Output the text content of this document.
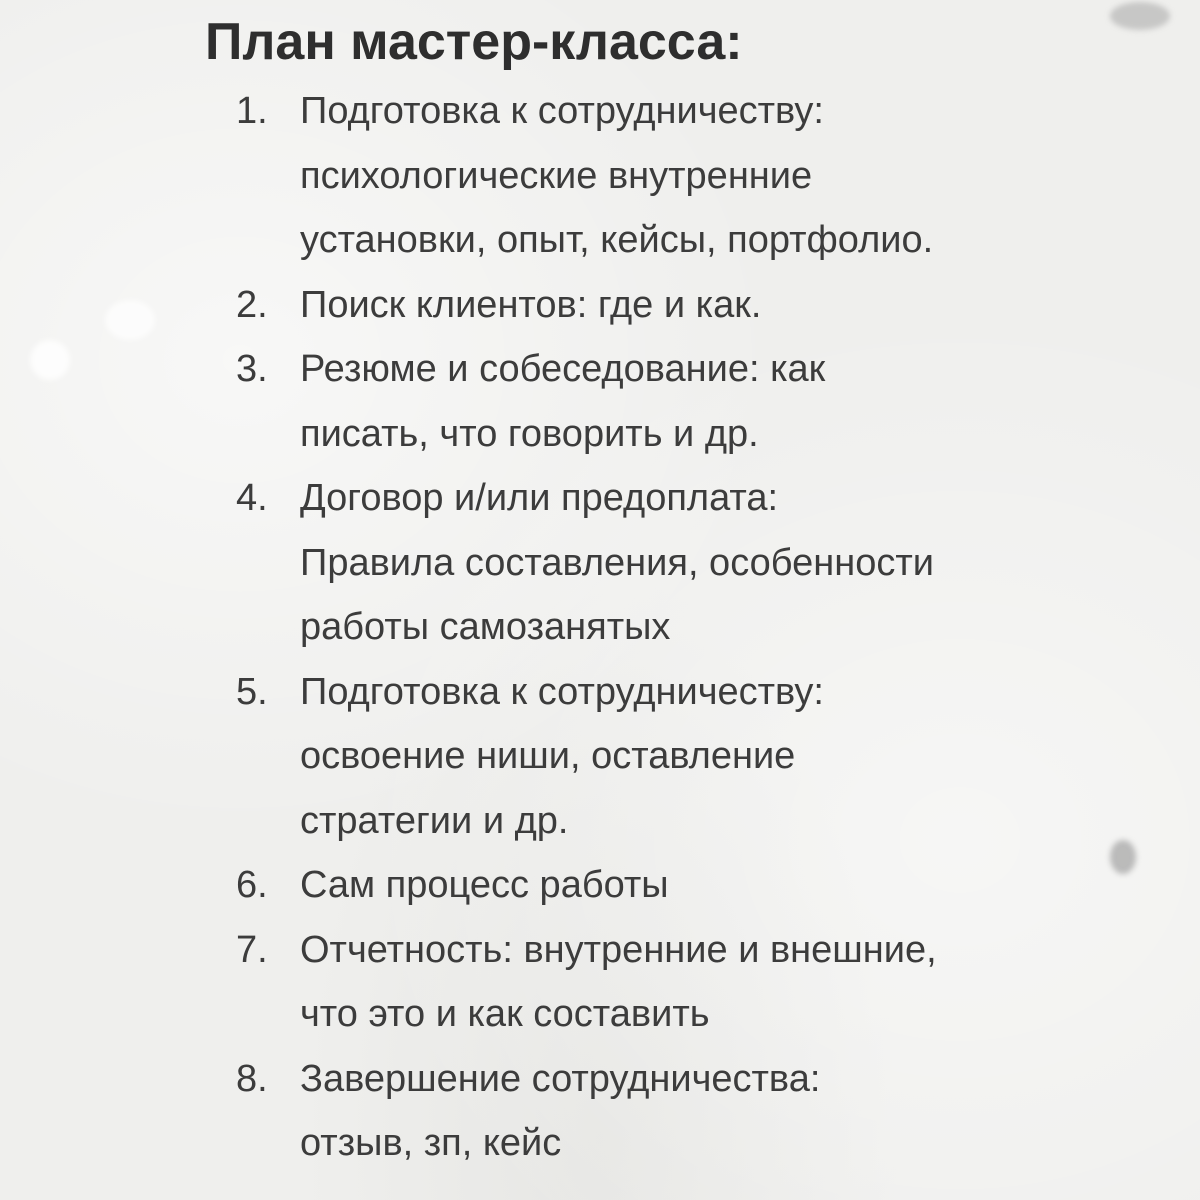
План мастер-класса:
1. Подготовка к сотрудничеству:
психологические внутренние
установки, опыт, кейсы, портфолио.
2. Поиск клиентов: где и как.
3. Резюме и собеседование: как
писать, что говорить и др.
4. Договор и/или предоплата:
Правила составления, особенности
работы самозанятых
5. Подготовка к сотрудничеству:
освоение ниши, оставление
стратегии и др.
6. Сам процесс работы
7. Отчетность: внутренние и внешние,
что это и как составить
8. Завершение сотрудничества:
отзыв, зп, кейс
